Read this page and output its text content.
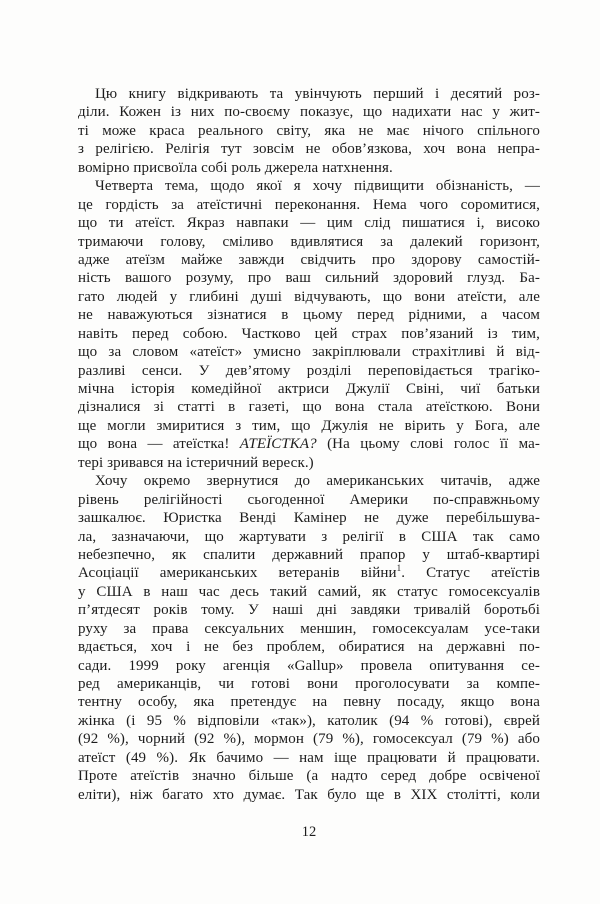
Цю книгу відкривають та увінчують перший і десятий роз-
діли. Кожен із них по-своєму показує, що надихати нас у жит-
ті може краса реального світу, яка не має нічого спільного
з релігією. Релігія тут зовсім не обов’язкова, хоч вона непра-
вомірно присвоїла собі роль джерела натхнення.
Четверта тема, щодо якої я хочу підвищити обізнаність, —
це гордість за атеїстичні переконання. Нема чого соромитися,
що ти атеїст. Якраз навпаки — цим слід пишатися і, високо
тримаючи голову, сміливо вдивлятися за далекий горизонт,
адже атеїзм майже завжди свідчить про здорову самостій-
ність вашого розуму, про ваш сильний здоровий глузд. Ба-
гато людей у глибині душі відчувають, що вони атеїсти, але
не наважуються зізнатися в цьому перед рідними, а часом
навіть перед собою. Частково цей страх пов’язаний із тим,
що за словом «атеїст» умисно закріплювали страхітливі й від-
разливі сенси. У дев’ятому розділі переповідається трагіко-
мічна історія комедійної актриси Джулії Свіні, чиї батьки
дізналися зі статті в газеті, що вона стала атеїсткою. Вони
ще могли змиритися з тим, що Джулія не вірить у Бога, але
що вона — атеїстка! АТЕЇСТКА? (На цьому слові голос її ма-
тері зривався на істеричний вереск.)
Хочу окремо звернутися до американських читачів, адже
рівень релігійності сьогоденної Америки по-справжньому
зашкалює. Юристка Венді Камінер не дуже перебільшува-
ла, зазначаючи, що жартувати з релігії в США так само
небезпечно, як спалити державний прапор у штаб-квартирі
Асоціації американських ветеранів війни$^1$. Статус атеїстів
у США в наш час десь такий самий, як статус гомосексуалів
п’ятдесят років тому. У наші дні завдяки тривалій боротьбі
руху за права сексуальних меншин, гомосексуалам усе-таки
вдається, хоч і не без проблем, обиратися на державні по-
сади. 1999 року агенція «Gallup» провела опитування се-
ред американців, чи готові вони проголосувати за компе-
тентну особу, яка претендує на певну посаду, якщо вона
жінка (і 95 % відповіли «так»), католик (94 % готові), єврей
(92 %), чорний (92 %), мормон (79 %), гомосексуал (79 %) або
атеїст (49 %). Як бачимо — нам іще працювати й працювати.
Проте атеїстів значно більше (а надто серед добре освіченої
еліти), ніж багато хто думає. Так було ще в XIX столітті, коли
12
